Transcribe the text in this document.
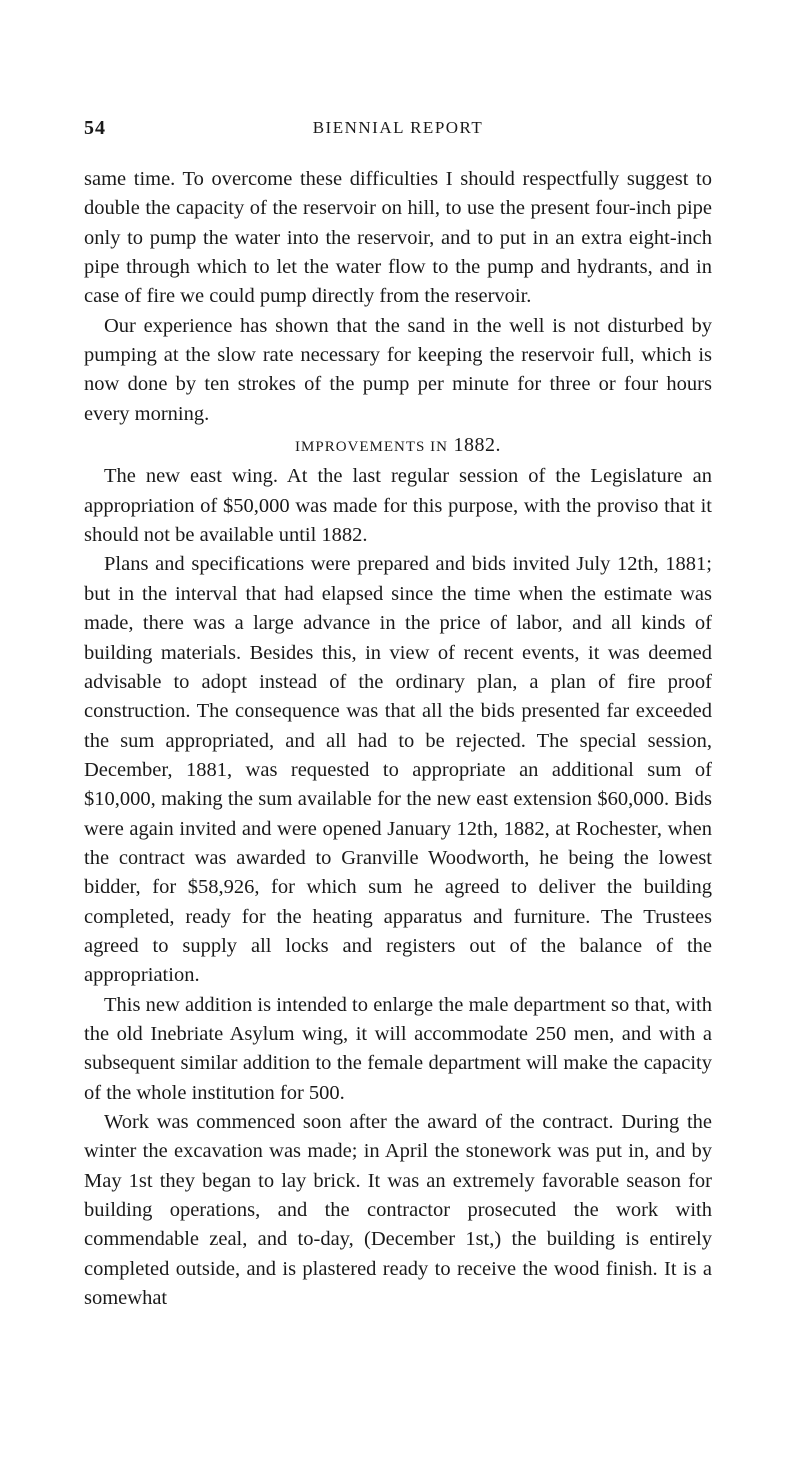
54	BIENNIAL REPORT

same time. To overcome these difficulties I should respectfully suggest to double the capacity of the reservoir on hill, to use the present four-inch pipe only to pump the water into the reservoir, and to put in an extra eight-inch pipe through which to let the water flow to the pump and hydrants, and in case of fire we could pump directly from the reservoir.

Our experience has shown that the sand in the well is not disturbed by pumping at the slow rate necessary for keeping the reservoir full, which is now done by ten strokes of the pump per minute for three or four hours every morning.

IMPROVEMENTS IN 1882.

The new east wing. At the last regular session of the Legislature an appropriation of $50,000 was made for this purpose, with the proviso that it should not be available until 1882.

Plans and specifications were prepared and bids invited July 12th, 1881; but in the interval that had elapsed since the time when the estimate was made, there was a large advance in the price of labor, and all kinds of building materials. Besides this, in view of recent events, it was deemed advisable to adopt instead of the ordinary plan, a plan of fire proof construction. The consequence was that all the bids presented far exceeded the sum appropriated, and all had to be rejected. The special session, December, 1881, was requested to appropriate an additional sum of $10,000, making the sum available for the new east extension $60,000. Bids were again invited and were opened January 12th, 1882, at Rochester, when the contract was awarded to Granville Woodworth, he being the lowest bidder, for $58,926, for which sum he agreed to deliver the building completed, ready for the heating apparatus and furniture. The Trustees agreed to supply all locks and registers out of the balance of the appropriation.

This new addition is intended to enlarge the male department so that, with the old Inebriate Asylum wing, it will accommodate 250 men, and with a subsequent similar addition to the female department will make the capacity of the whole institution for 500.

Work was commenced soon after the award of the contract. During the winter the excavation was made; in April the stonework was put in, and by May 1st they began to lay brick. It was an extremely favorable season for building operations, and the contractor prosecuted the work with commendable zeal, and to-day, (December 1st,) the building is entirely completed outside, and is plastered ready to receive the wood finish. It is a somewhat
